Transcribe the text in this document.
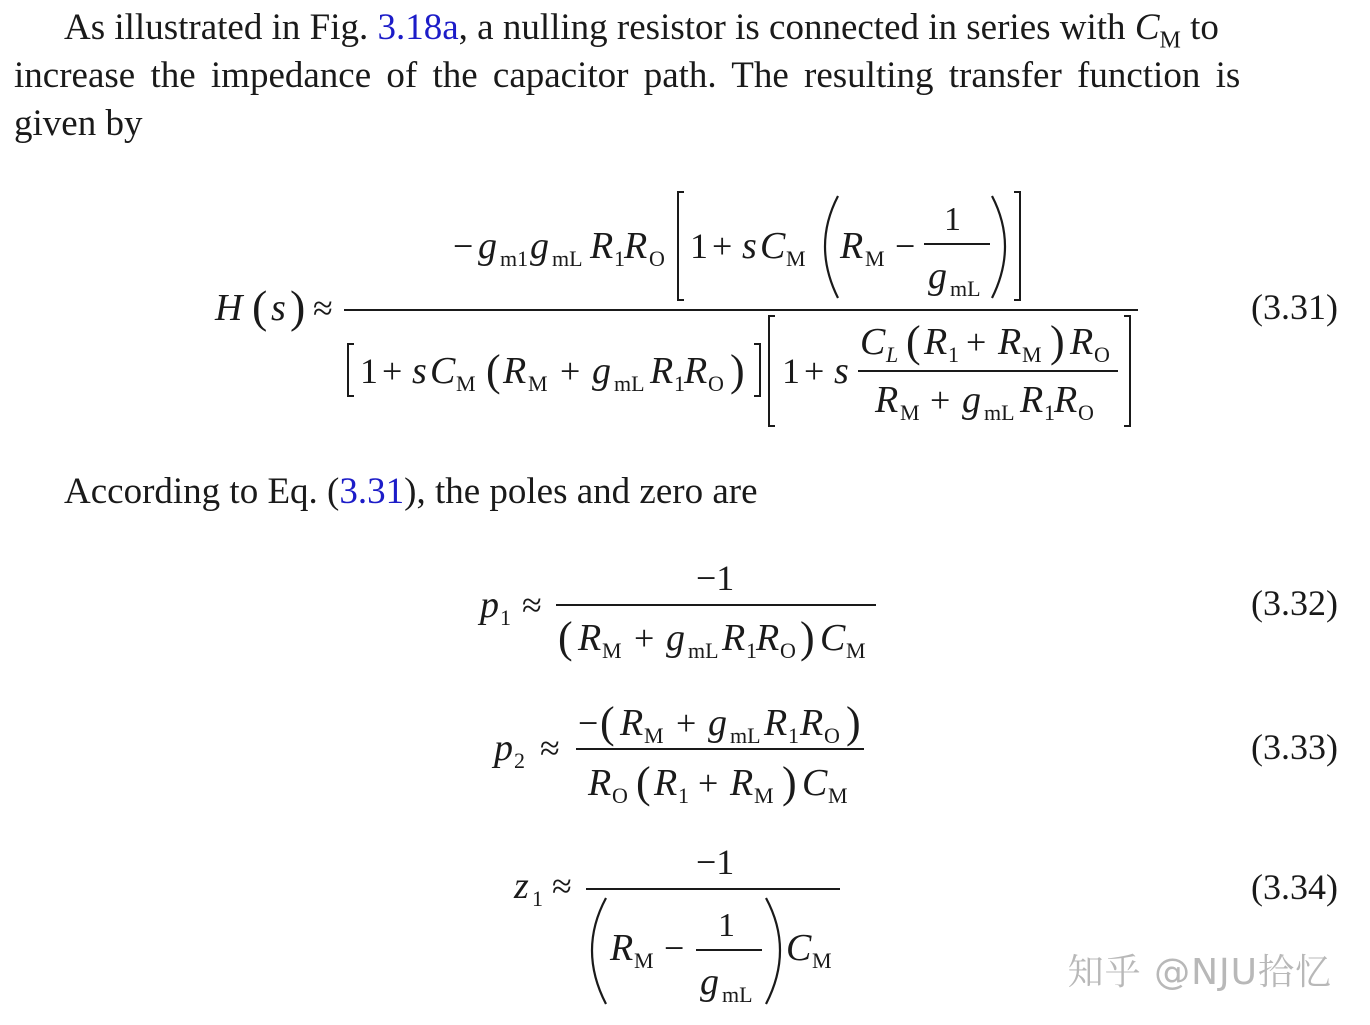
As illustrated in Fig. 3.18a, a nulling resistor is connected in series with $C_M$ to
increase the impedance of the capacitor path. The resulting transfer function is
given by
H ( s ) ≈
− g m1 g mL R 1 R O 1 + s C M R M −
1
g mL
1 + s C M ( R M + g mL R 1 R O ) 1 + s
C L ( R 1 + R M ) R O
R M + g mL R 1 R O
(3.31)
According to Eq. (3.31), the poles and zero are
p 1 ≈
−1
( R M + g mL R 1 R O ) C M
(3.32)
p 2 ≈
− ( R M + g mL R 1 R O )
R O ( R 1 + R M ) C M
(3.33)
z 1 ≈
−1
R M −
1
g mL
C M
(3.34)
知乎 @NJU拾忆
